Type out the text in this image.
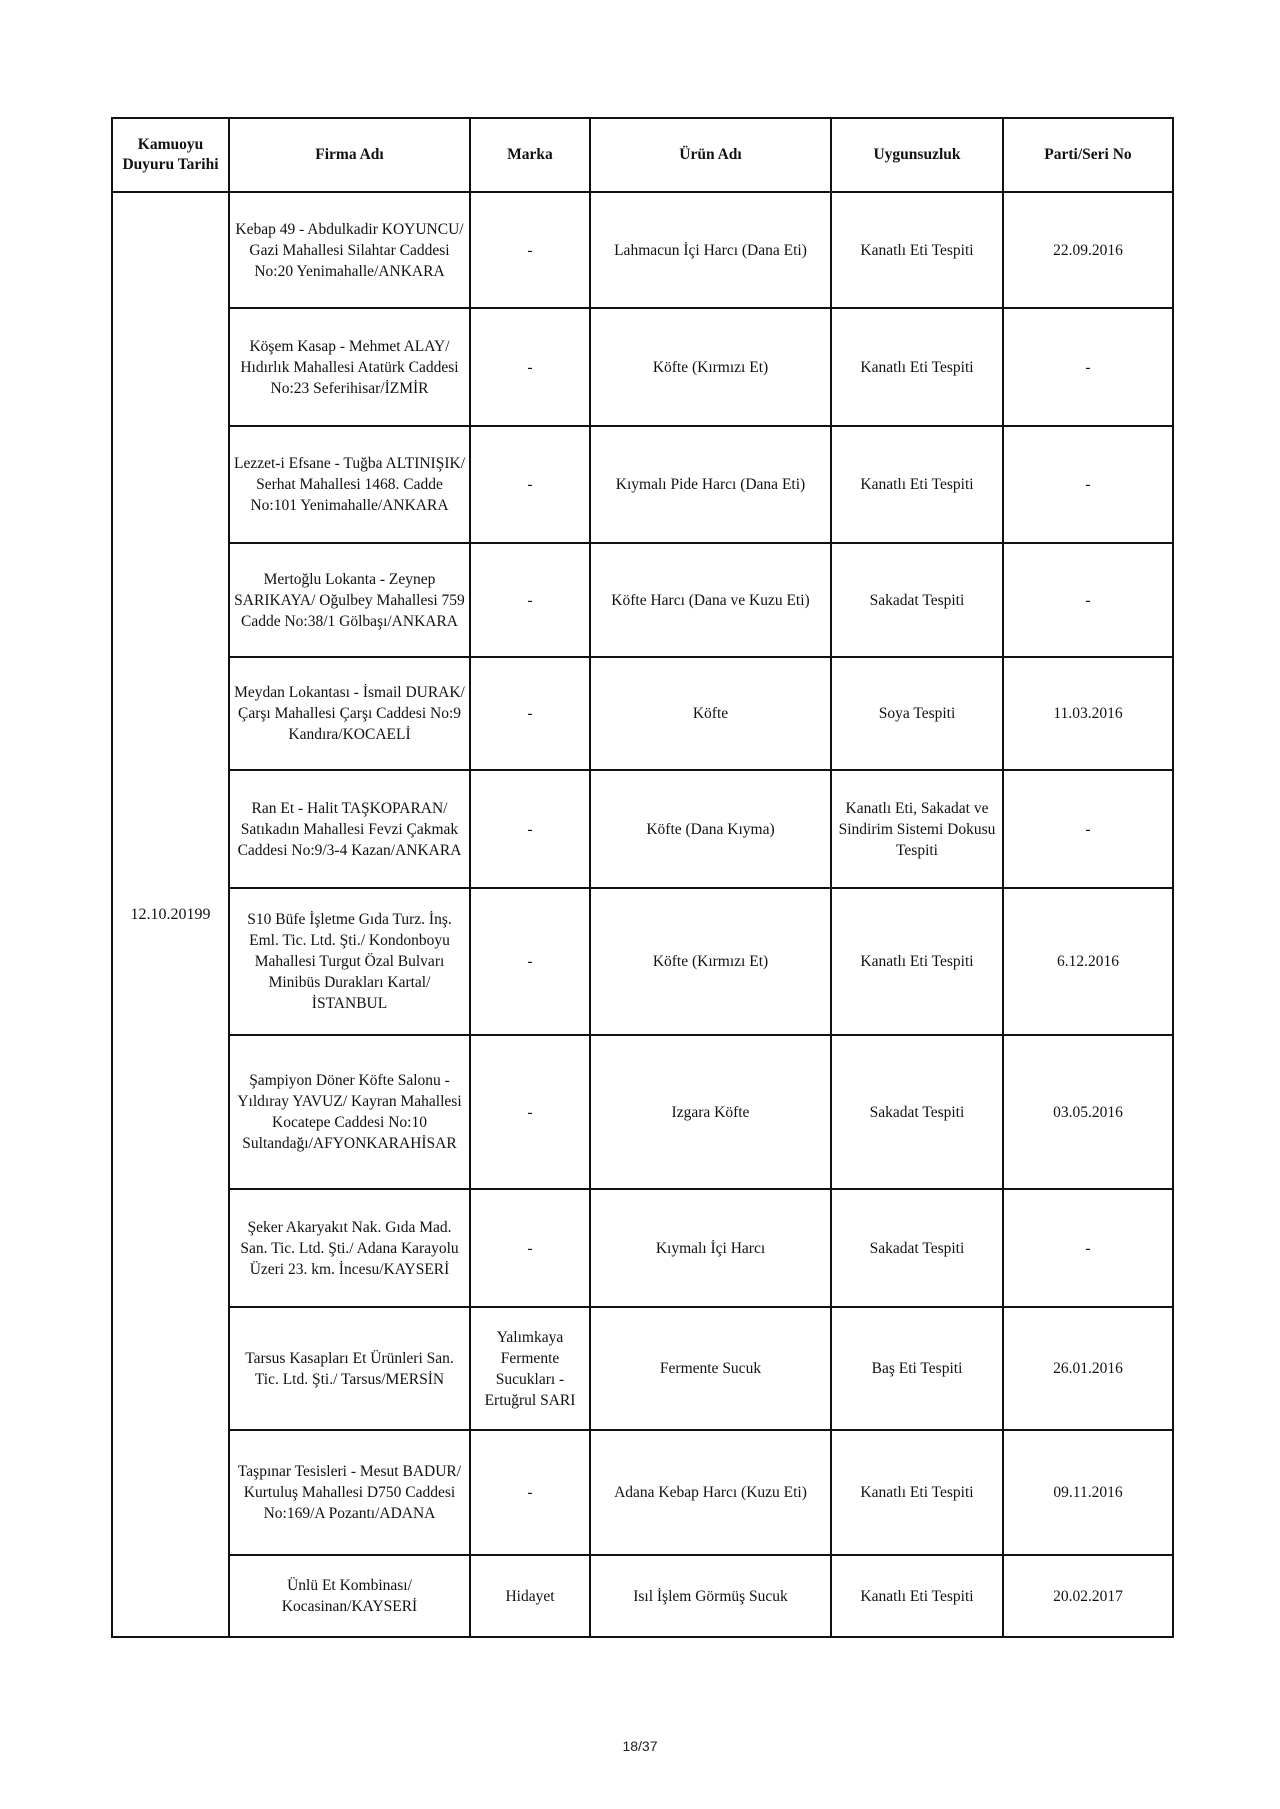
Kamuoyu Duyuru Tarihi	Firma Adı	Marka	Ürün Adı	Uygunsuzluk	Parti/Seri No
12.10.20199	Kebap 49 - Abdulkadir KOYUNCU/ Gazi Mahallesi Silahtar Caddesi No:20 Yenimahalle/ANKARA	-	Lahmacun İçi Harcı (Dana Eti)	Kanatlı Eti Tespiti	22.09.2016
	Köşem Kasap - Mehmet ALAY/ Hıdırlık Mahallesi Atatürk Caddesi No:23 Seferihisar/İZMİR	-	Köfte (Kırmızı Et)	Kanatlı Eti Tespiti	-
	Lezzet-i Efsane - Tuğba ALTINIŞIK/ Serhat Mahallesi 1468. Cadde No:101 Yenimahalle/ANKARA	-	Kıymalı Pide Harcı (Dana Eti)	Kanatlı Eti Tespiti	-
	Mertoğlu Lokanta - Zeynep SARIKAYA/ Oğulbey Mahallesi 759 Cadde No:38/1 Gölbaşı/ANKARA	-	Köfte Harcı (Dana ve Kuzu Eti)	Sakadat Tespiti	-
	Meydan Lokantası - İsmail DURAK/ Çarşı Mahallesi Çarşı Caddesi No:9 Kandıra/KOCAELİ	-	Köfte	Soya Tespiti	11.03.2016
	Ran Et - Halit TAŞKOPARAN/ Satıkadın Mahallesi Fevzi Çakmak Caddesi No:9/3-4 Kazan/ANKARA	-	Köfte (Dana Kıyma)	Kanatlı Eti, Sakadat ve Sindirim Sistemi Dokusu Tespiti	-
	S10 Büfe İşletme Gıda Turz. İnş. Eml. Tic. Ltd. Şti./ Kondonboyu Mahallesi Turgut Özal Bulvarı Minibüs Durakları Kartal/İSTANBUL	-	Köfte (Kırmızı Et)	Kanatlı Eti Tespiti	6.12.2016
	Şampiyon Döner Köfte Salonu - Yıldıray YAVUZ/ Kayran Mahallesi Kocatepe Caddesi No:10 Sultandağı/AFYONKARAHİSAR	-	Izgara Köfte	Sakadat Tespiti	03.05.2016
	Şeker Akaryakıt Nak. Gıda Mad. San. Tic. Ltd. Şti./ Adana Karayolu Üzeri 23. km. İncesu/KAYSERİ	-	Kıymalı İçi Harcı	Sakadat Tespiti	-
	Tarsus Kasapları Et Ürünleri San. Tic. Ltd. Şti./ Tarsus/MERSİN	Yalımkaya Fermente Sucukları - Ertuğrul SARI	Fermente Sucuk	Baş Eti Tespiti	26.01.2016
	Taşpınar Tesisleri - Mesut BADUR/ Kurtuluş Mahallesi D750 Caddesi No:169/A Pozantı/ADANA	-	Adana Kebap Harcı (Kuzu Eti)	Kanatlı Eti Tespiti	09.11.2016
	Ünlü Et Kombinası/ Kocasinan/KAYSERİ	Hidayet	Isıl İşlem Görmüş Sucuk	Kanatlı Eti Tespiti	20.02.2017
18/37
